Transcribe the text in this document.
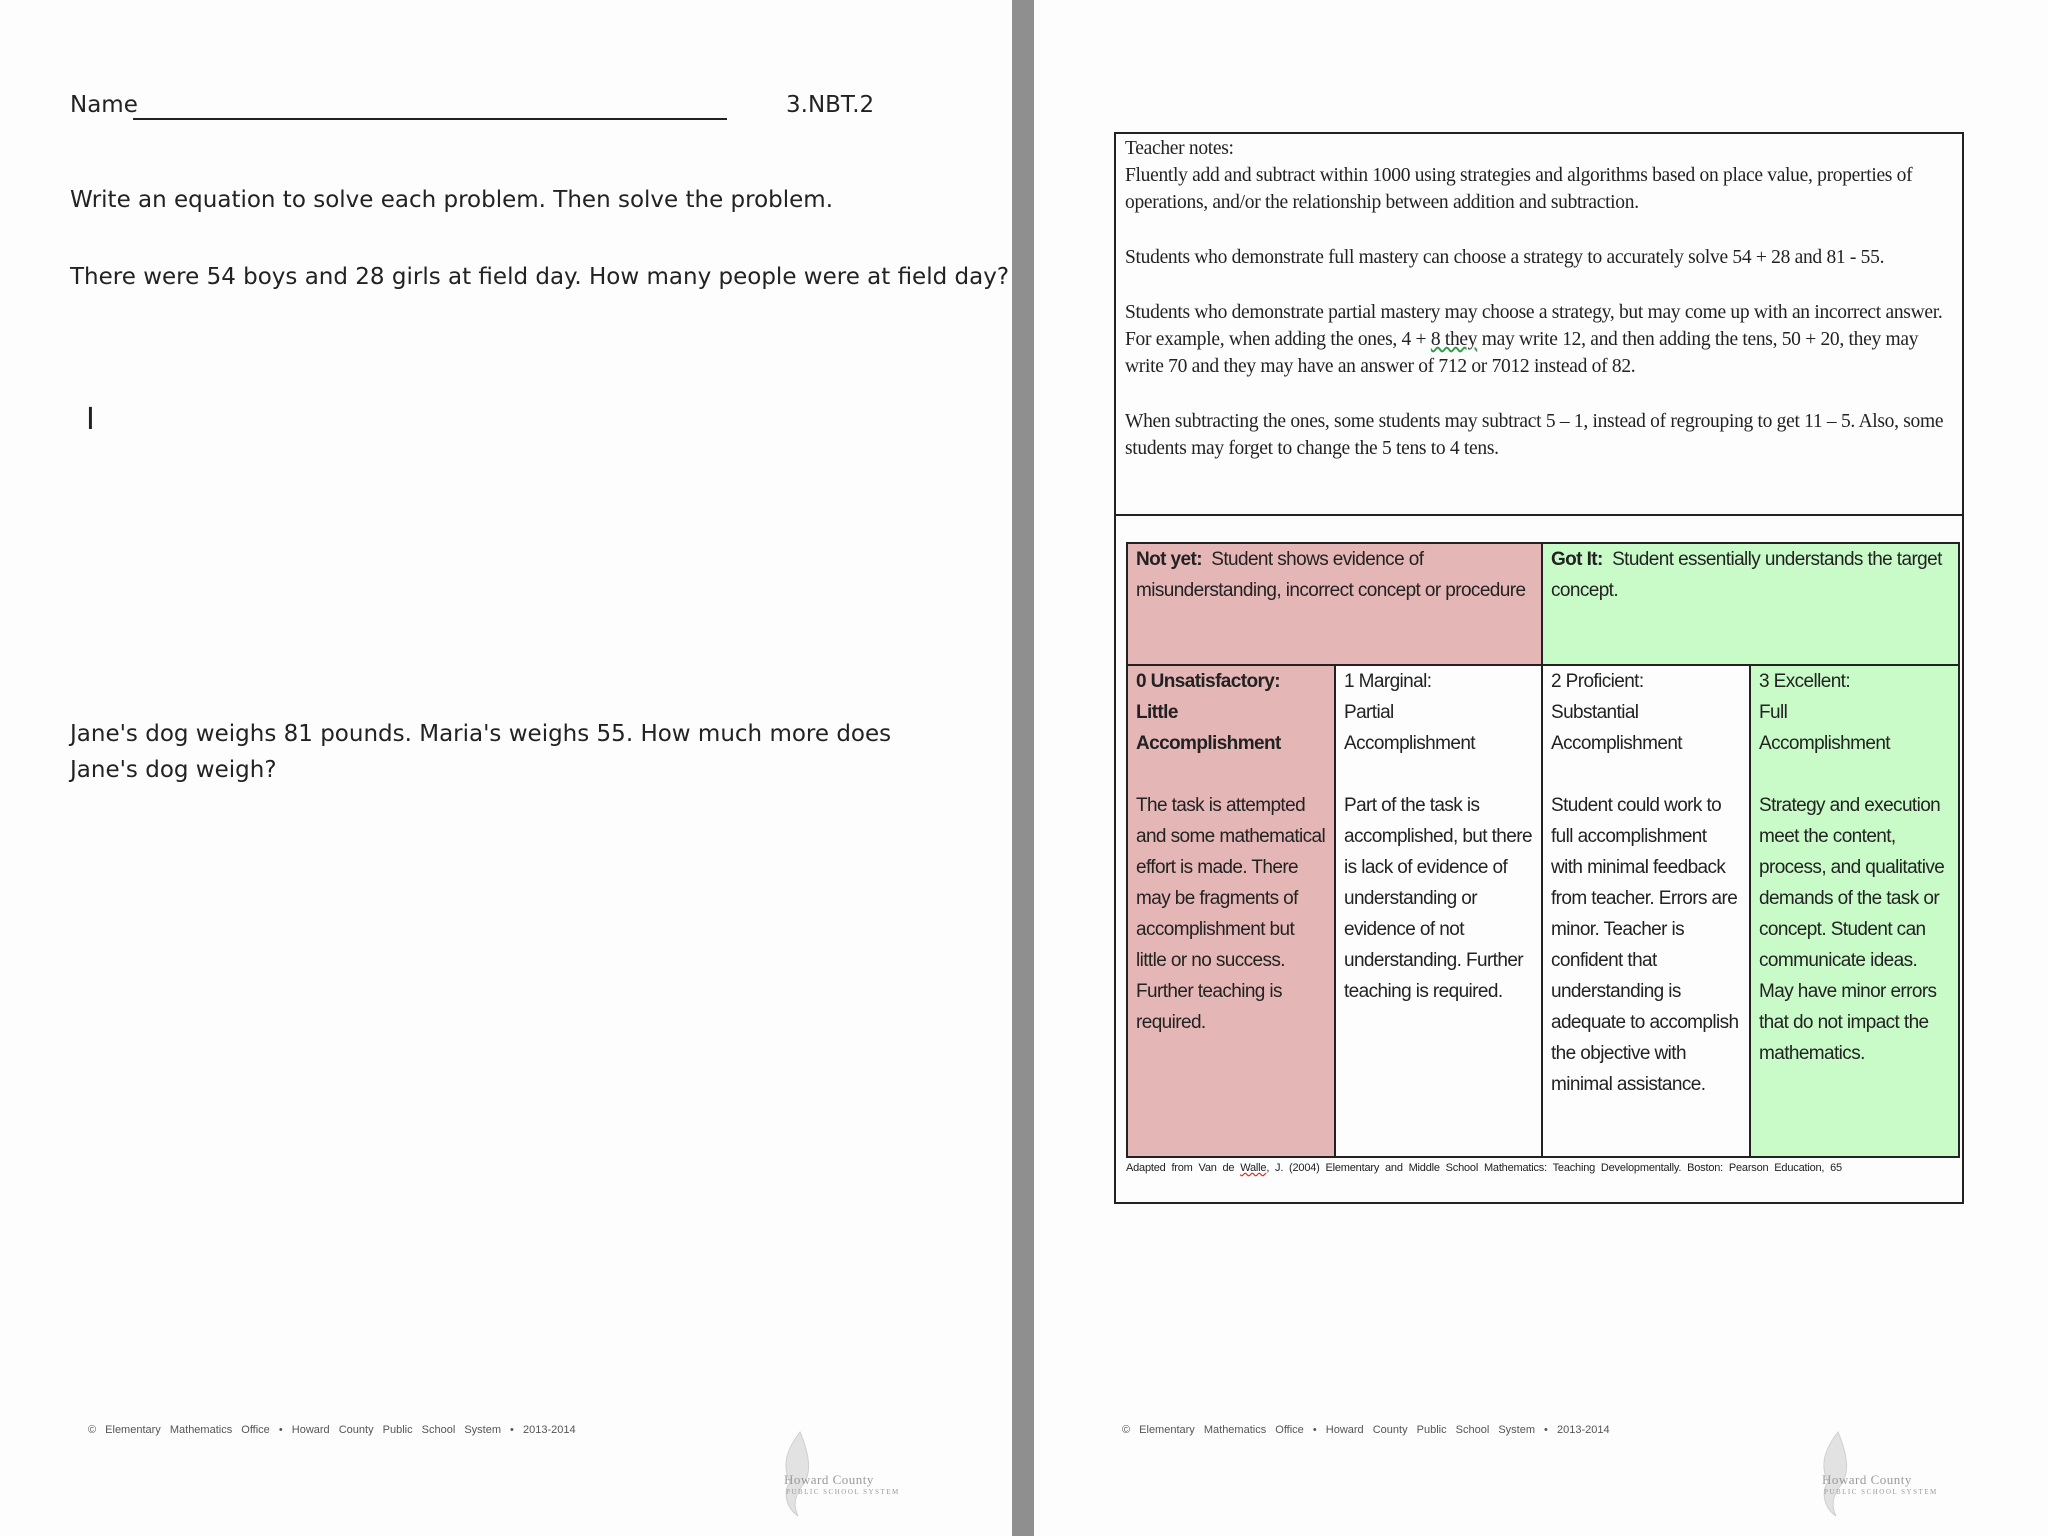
Name	3.NBT.2
Write an equation to solve each problem. Then solve the problem.
There were 54 boys and 28 girls at field day. How many people were at field day?
I
Jane's dog weighs 81 pounds. Maria's weighs 55. How much more does Jane's dog weigh?
© Elementary Mathematics Office • Howard County Public School System • 2013-2014
Howard County
PUBLIC SCHOOL SYSTEM

Teacher notes:

Fluently add and subtract within 1000 using strategies and algorithms based on place value, properties of operations, and/or the relationship between addition and subtraction.

Students who demonstrate full mastery can choose a strategy to accurately solve 54 + 28 and 81 - 55.

Students who demonstrate partial mastery may choose a strategy, but may come up with an incorrect answer. For example, when adding the ones, 4 + 8 they may write 12, and then adding the tens, 50 + 20, they may write 70 and they may have an answer of 712 or 7012 instead of 82.

When subtracting the ones, some students may subtract 5 – 1, instead of regrouping to get 11 – 5. Also, some students may forget to change the 5 tens to 4 tens.

Not yet: Student shows evidence of misunderstanding, incorrect concept or procedure
Got It: Student essentially understands the target concept.
0 Unsatisfactory:
Little
Accomplishment
The task is attempted and some mathematical effort is made. There may be fragments of accomplishment but little or no success. Further teaching is required.
1 Marginal:
Partial
Accomplishment
Part of the task is accomplished, but there is lack of evidence of understanding or evidence of not understanding. Further teaching is required.
2 Proficient:
Substantial
Accomplishment
Student could work to full accomplishment with minimal feedback from teacher. Errors are minor. Teacher is confident that understanding is adequate to accomplish the objective with minimal assistance.
3 Excellent:
Full
Accomplishment
Strategy and execution meet the content, process, and qualitative demands of the task or concept. Student can communicate ideas. May have minor errors that do not impact the mathematics.
Adapted from Van de Walle, J. (2004) Elementary and Middle School Mathematics: Teaching Developmentally. Boston: Pearson Education, 65
© Elementary Mathematics Office • Howard County Public School System • 2013-2014
Howard County
PUBLIC SCHOOL SYSTEM
